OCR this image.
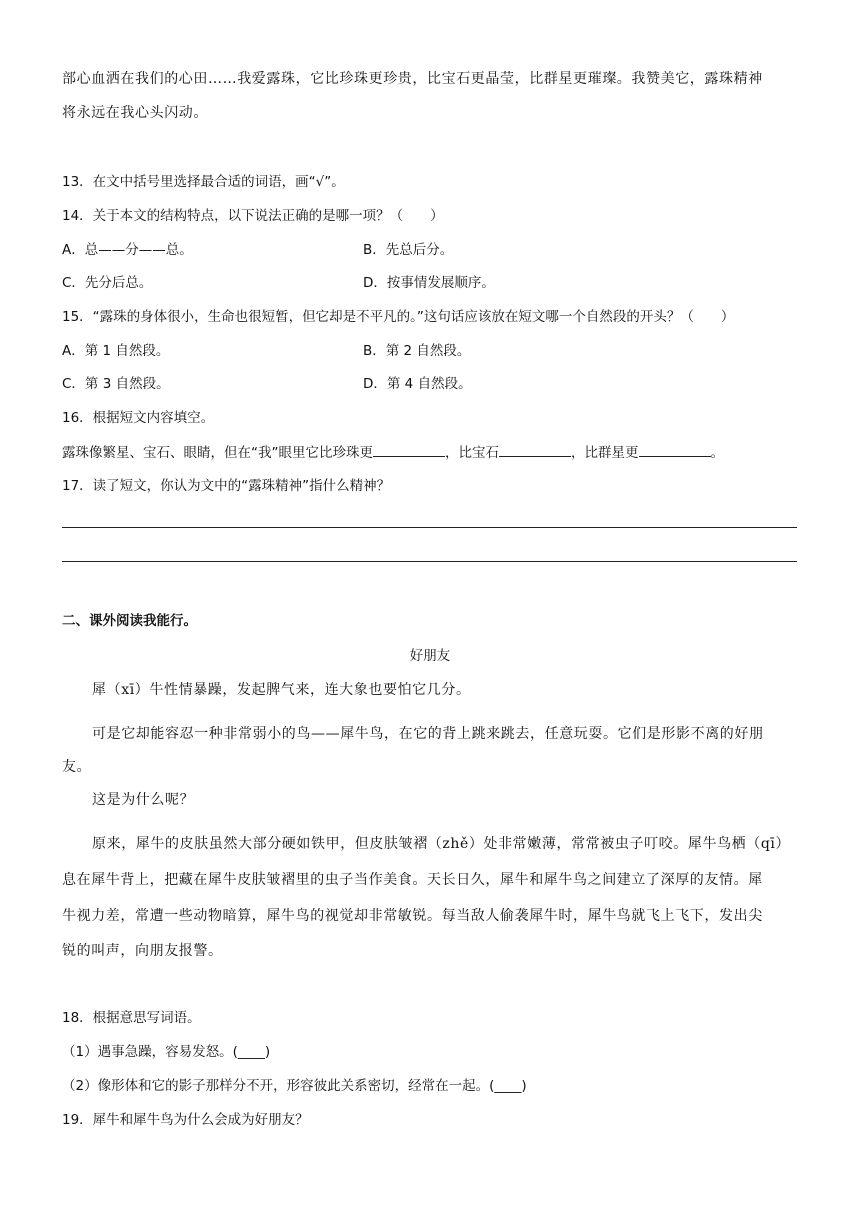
部心血洒在我们的心田……我爱露珠，它比珍珠更珍贵，比宝石更晶莹，比群星更璀璨。我赞美它，露珠精神
将永远在我心头闪动。
13．在文中括号里选择最合适的词语，画“√”。
14．关于本文的结构特点，以下说法正确的是哪一项？（　　）
A．总——分——总。	B．先总后分。
C．先分后总。	D．按事情发展顺序。
15．“露珠的身体很小，生命也很短暂，但它却是不平凡的。”这句话应该放在短文哪一个自然段的开头？（　　）
A．第 1 自然段。	B．第 2 自然段。
C．第 3 自然段。	D．第 4 自然段。
16．根据短文内容填空。
露珠像繁星、宝石、眼睛，但在“我”眼里它比珍珠更	，比宝石	，比群星更	。
17．读了短文，你认为文中的“露珠精神”指什么精神？
二、课外阅读我能行。
好朋友
犀（xī）牛性情暴躁，发起脾气来，连大象也要怕它几分。
可是它却能容忍一种非常弱小的鸟——犀牛鸟，在它的背上跳来跳去，任意玩耍。它们是形影不离的好朋
友。
这是为什么呢？
原来，犀牛的皮肤虽然大部分硬如铁甲，但皮肤皱褶（zhě）处非常嫩薄，常常被虫子叮咬。犀牛鸟栖（qī）
息在犀牛背上，把藏在犀牛皮肤皱褶里的虫子当作美食。天长日久，犀牛和犀牛鸟之间建立了深厚的友情。犀
牛视力差，常遭一些动物暗算，犀牛鸟的视觉却非常敏锐。每当敌人偷袭犀牛时，犀牛鸟就飞上飞下，发出尖
锐的叫声，向朋友报警。
18．根据意思写词语。
（1）遇事急躁，容易发怒。(____)
（2）像形体和它的影子那样分不开，形容彼此关系密切，经常在一起。(____)
19．犀牛和犀牛鸟为什么会成为好朋友？
